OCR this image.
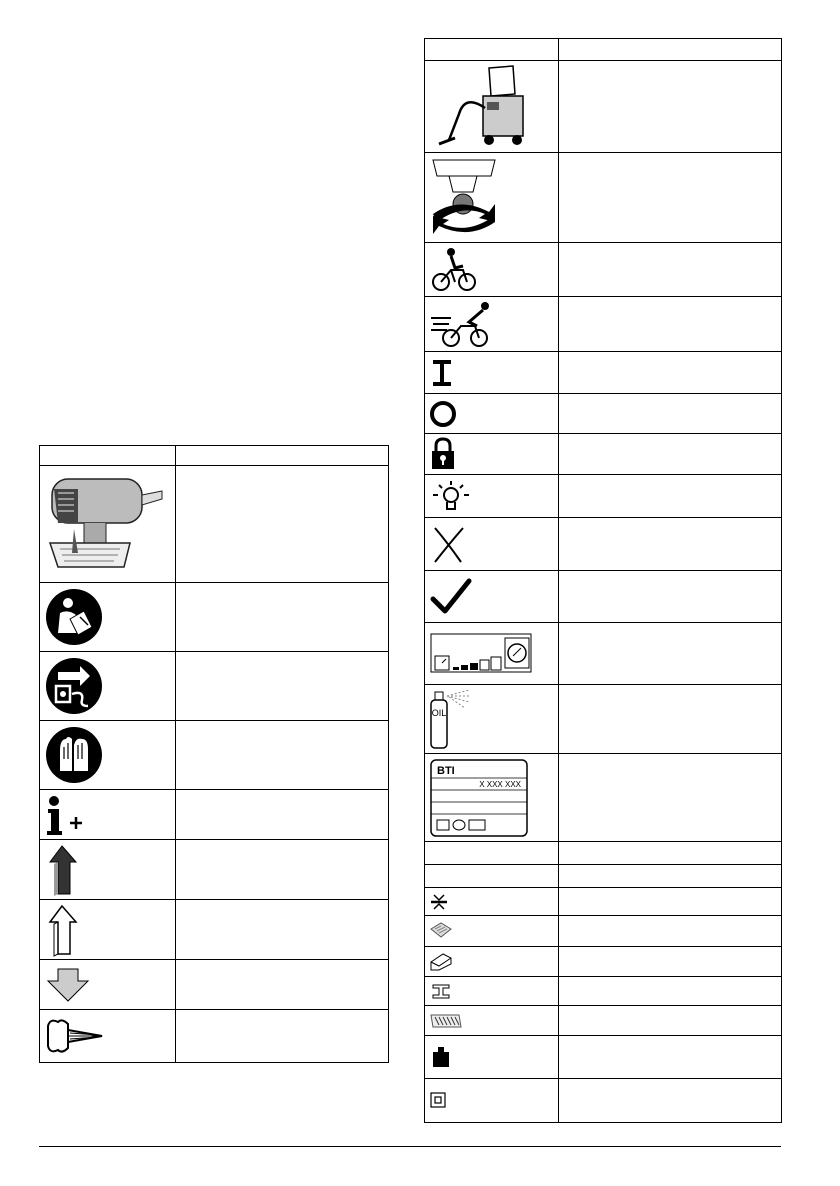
OIL	

BTI
X XXX XXX	
